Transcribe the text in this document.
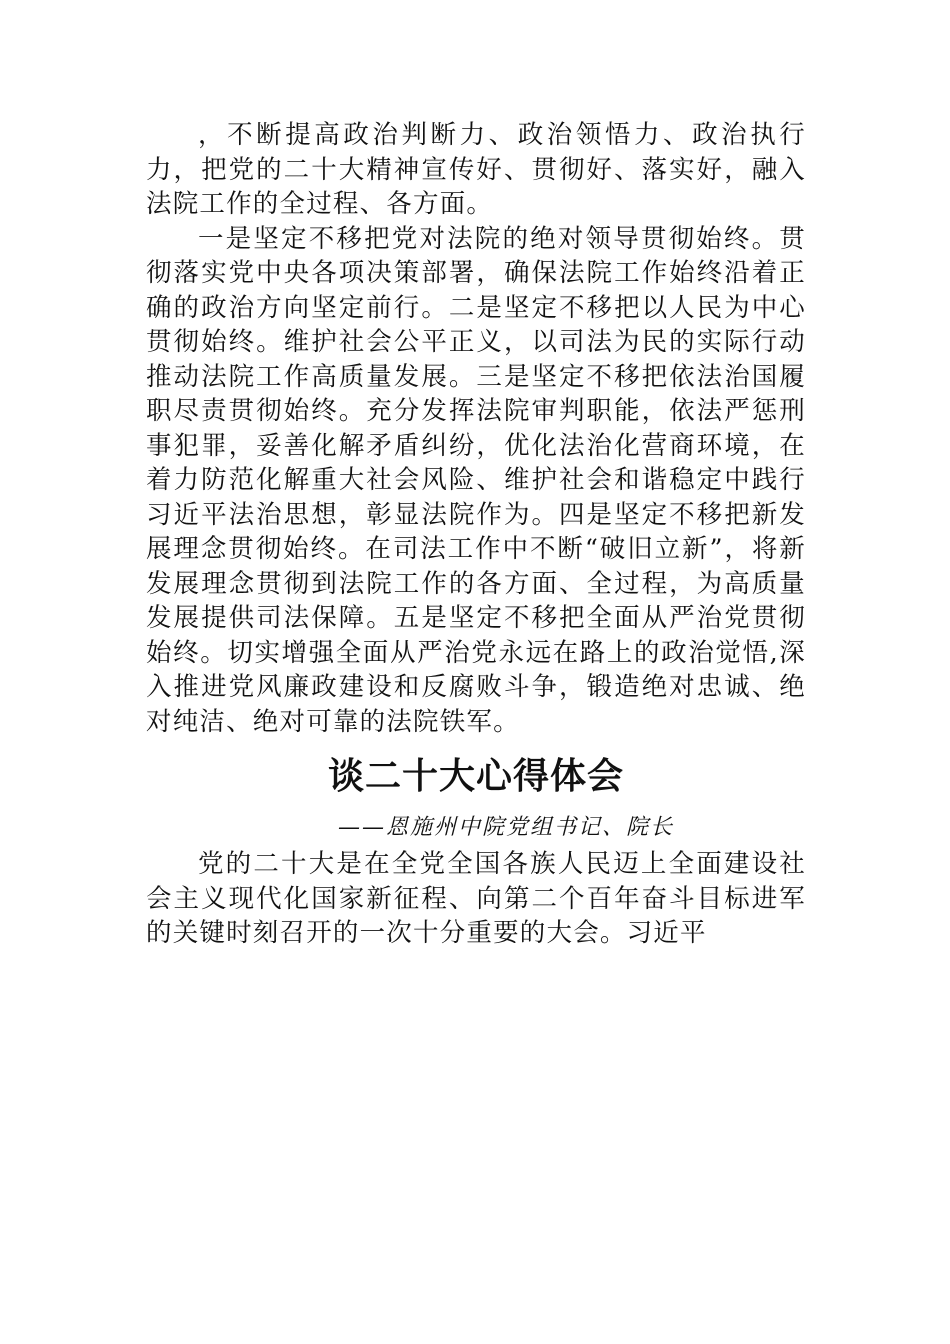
，不断提高政治判断力、政治领悟力、政治执行力，把党的二十大精神宣传好、贯彻好、落实好，融入法院工作的全过程、各方面。

一是坚定不移把党对法院的绝对领导贯彻始终。贯彻落实党中央各项决策部署，确保法院工作始终沿着正确的政治方向坚定前行。二是坚定不移把以人民为中心贯彻始终。维护社会公平正义，以司法为民的实际行动推动法院工作高质量发展。三是坚定不移把依法治国履职尽责贯彻始终。充分发挥法院审判职能，依法严惩刑事犯罪，妥善化解矛盾纠纷，优化法治化营商环境，在着力防范化解重大社会风险、维护社会和谐稳定中践行习近平法治思想，彰显法院作为。四是坚定不移把新发展理念贯彻始终。在司法工作中不断“破旧立新”，将新发展理念贯彻到法院工作的各方面、全过程，为高质量发展提供司法保障。五是坚定不移把全面从严治党贯彻始终。切实增强全面从严治党永远在路上的政治觉悟,深入推进党风廉政建设和反腐败斗争，锻造绝对忠诚、绝对纯洁、绝对可靠的法院铁军。

谈二十大心得体会
——恩施州中院党组书记、院长

党的二十大是在全党全国各族人民迈上全面建设社会主义现代化国家新征程、向第二个百年奋斗目标进军的关键时刻召开的一次十分重要的大会。习近平
